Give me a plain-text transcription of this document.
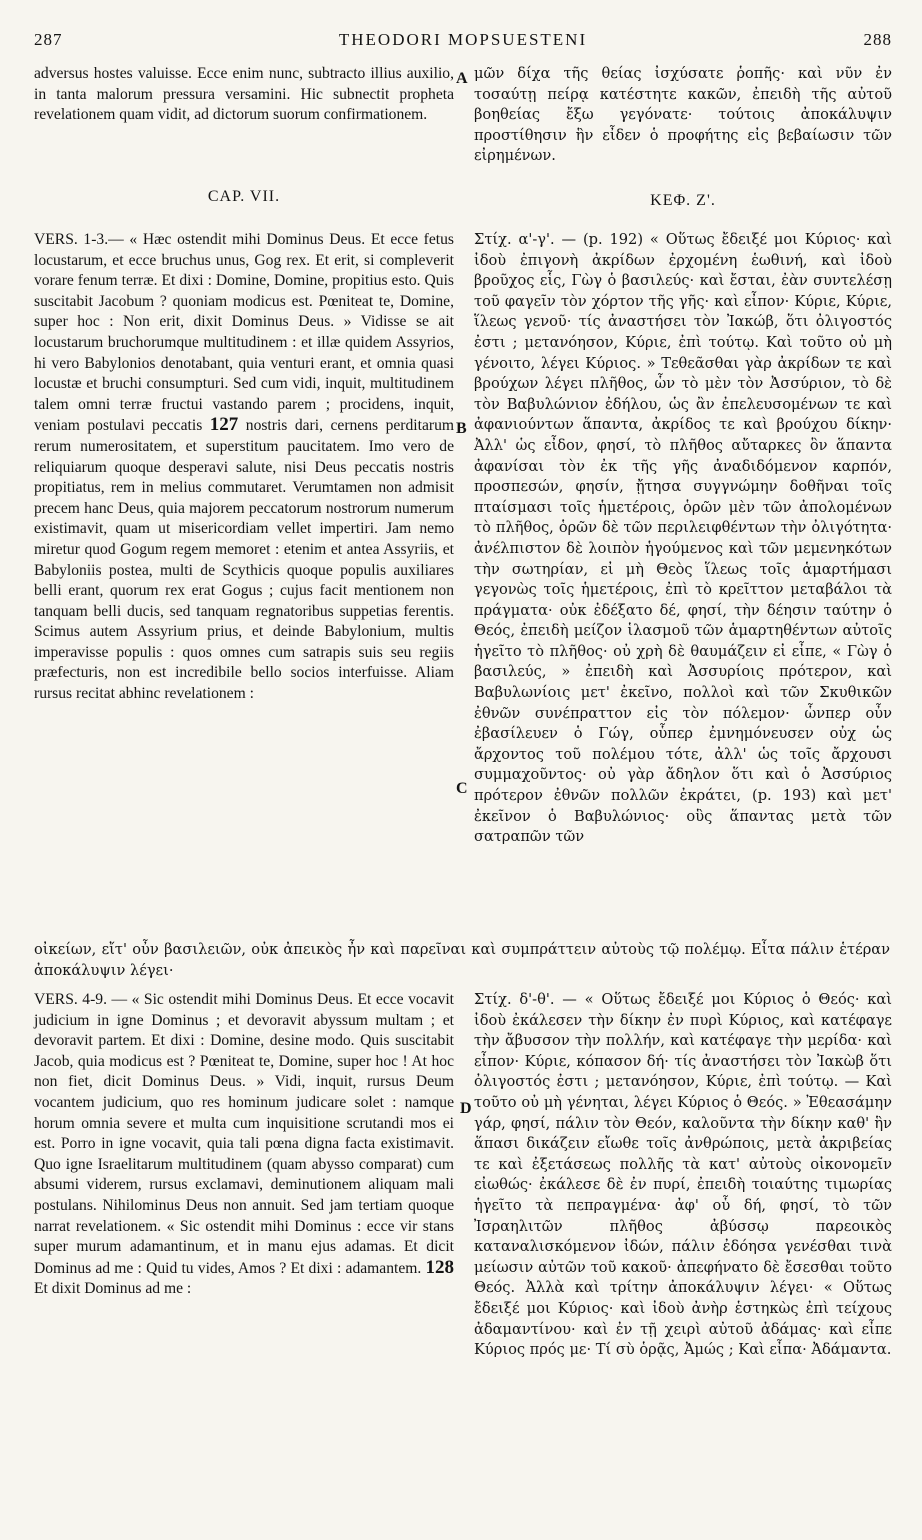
287	THEODORI MOPSUESTENI	288
A
B
C
D

adversus hostes valuisse. Ecce enim nunc, subtracto illius auxilio, in tanta malorum pressura versamini. Hic subnectit propheta revelationem quam vidit, ad dictorum suorum confirmationem.

μῶν δίχα τῆς θείας ἰσχύσατε ῥοπῆς· καὶ νῦν ἐν τοσαύτῃ πείρᾳ κατέστητε κακῶν, ἐπειδὴ τῆς αὐτοῦ βοηθείας ἔξω γεγόνατε· τούτοις ἀποκάλυψιν προστίθησιν ἣν εἶδεν ὁ προφήτης εἰς βεβαίωσιν τῶν εἰρημένων.

CAP. VII.	ΚΕΦ. Ζ'.

VERS. 1-3.— « Hæc ostendit mihi Dominus Deus. Et ecce fetus locustarum, et ecce bruchus unus, Gog rex. Et erit, si compleverit vorare fenum terræ. Et dixi : Domine, Domine, propitius esto. Quis suscitabit Jacobum ? quoniam modicus est. Pœniteat te, Domine, super hoc : Non erit, dixit Dominus Deus. » Vidisse se ait locustarum bruchorumque multitudinem : et illæ quidem Assyrios, hi vero Babylonios denotabant, quia venturi erant, et omnia quasi locustæ et bruchi consumpturi. Sed cum vidi, inquit, multitudinem talem omni terræ fructui vastando parem ; procidens, inquit, veniam postulavi peccatis 127 nostris dari, cernens perditarum rerum numerositatem, et superstitum paucitatem. Imo vero de reliquiarum quoque desperavi salute, nisi Deus peccatis nostris propitiatus, rem in melius commutaret. Verumtamen non admisit precem hanc Deus, quia majorem peccatorum nostrorum numerum existimavit, quam ut misericordiam vellet impertiri. Jam nemo miretur quod Gogum regem memoret : etenim et antea Assyriis, et Babyloniis postea, multi de Scythicis quoque populis auxiliares belli erant, quorum rex erat Gogus ; cujus facit mentionem non tanquam belli ducis, sed tanquam regnatoribus suppetias ferentis. Scimus autem Assyrium prius, et deinde Babylonium, multis imperavisse populis : quos omnes cum satrapis suis seu regiis præfecturis, non est incredibile bello socios interfuisse. Aliam rursus recitat abhinc revelationem :

Στίχ. α'-γ'. — (p. 192) « Οὕτως ἔδειξέ μοι Κύριος· καὶ ἰδοὺ ἐπιγονὴ ἀκρίδων ἐρχομένη ἑωθινή, καὶ ἰδοὺ βροῦχος εἷς, Γὼγ ὁ βασιλεύς· καὶ ἔσται, ἐὰν συντελέσῃ τοῦ φαγεῖν τὸν χόρτον τῆς γῆς· καὶ εἶπον· Κύριε, Κύριε, ἵλεως γενοῦ· τίς ἀναστήσει τὸν Ἰακώβ, ὅτι ὀλιγοστός ἐστι ; μετανόησον, Κύριε, ἐπὶ τούτῳ. Καὶ τοῦτο οὐ μὴ γένοιτο, λέγει Κύριος. » Τεθεᾶσθαι γὰρ ἀκρίδων τε καὶ βρούχων λέγει πλῆθος, ὧν τὸ μὲν τὸν Ἀσσύριον, τὸ δὲ τὸν Βαβυλώνιον ἐδήλου, ὡς ἂν ἐπελευσομένων τε καὶ ἀφανιούντων ἅπαντα, ἀκρίδος τε καὶ βρούχου δίκην· Ἀλλ' ὡς εἶδον, φησί, τὸ πλῆθος αὔταρκες ὃν ἅπαντα ἀφανίσαι τὸν ἐκ τῆς γῆς ἀναδιδόμενον καρπόν, προσπεσών, φησίν, ᾔτησα συγγνώμην δοθῆναι τοῖς πταίσμασι τοῖς ἡμετέροις, ὁρῶν μὲν τῶν ἀπολομένων τὸ πλῆθος, ὁρῶν δὲ τῶν περιλειφθέντων τὴν ὀλιγότητα· ἀνέλπιστον δὲ λοιπὸν ἡγούμενος καὶ τῶν μεμενηκότων τὴν σωτηρίαν, εἰ μὴ Θεὸς ἵλεως τοῖς ἁμαρτήμασι γεγονὼς τοῖς ἡμετέροις, ἐπὶ τὸ κρεῖττον μεταβάλοι τὰ πράγματα· οὐκ ἐδέξατο δέ, φησί, τὴν δέησιν ταύτην ὁ Θεός, ἐπειδὴ μείζον ἱλασμοῦ τῶν ἁμαρτηθέντων αὐτοῖς ἡγεῖτο τὸ πλῆθος· οὐ χρὴ δὲ θαυμάζειν εἰ εἶπε, « Γὼγ ὁ βασιλεύς, » ἐπειδὴ καὶ Ἀσσυρίοις πρότερον, καὶ Βαβυλωνίοις μετ' ἐκεῖνο, πολλοὶ καὶ τῶν Σκυθικῶν ἐθνῶν συνέπραττον εἰς τὸν πόλεμον· ὧνπερ οὖν ἐβασίλευεν ὁ Γώγ, οὗπερ ἐμνημόνευσεν οὐχ ὡς ἄρχοντος τοῦ πολέμου τότε, ἀλλ' ὡς τοῖς ἄρχουσι συμμαχοῦντος· οὐ γὰρ ἄδηλον ὅτι καὶ ὁ Ἀσσύριος πρότερον ἐθνῶν πολλῶν ἐκράτει, (p. 193) καὶ μετ' ἐκεῖνον ὁ Βαβυλώνιος· οὓς ἅπαντας μετὰ τῶν σατραπῶν τῶν

οἰκείων, εἴτ' οὖν βασιλειῶν, οὐκ ἀπεικὸς ἦν καὶ παρεῖναι καὶ συμπράττειν αὐτοὺς τῷ πολέμῳ. Εἶτα πάλιν ἑτέραν ἀποκάλυψιν λέγει·

VERS. 4-9. — « Sic ostendit mihi Dominus Deus. Et ecce vocavit judicium in igne Dominus ; et devoravit abyssum multam ; et devoravit partem. Et dixi : Domine, desine modo. Quis suscitabit Jacob, quia modicus est ? Pœniteat te, Domine, super hoc ! At hoc non fiet, dicit Dominus Deus. » Vidi, inquit, rursus Deum vocantem judicium, quo res hominum judicare solet : namque horum omnia severe et multa cum inquisitione scrutandi mos ei est. Porro in igne vocavit, quia tali pœna digna facta existimavit. Quo igne Israelitarum multitudinem (quam abysso comparat) cum absumi viderem, rursus exclamavi, deminutionem aliquam mali postulans. Nihilominus Deus non annuit. Sed jam tertiam quoque narrat revelationem. « Sic ostendit mihi Dominus : ecce vir stans super murum adamantinum, et in manu ejus adamas. Et dicit Dominus ad me : Quid tu vides, Amos ? Et dixi : adamantem. 128 Et dixit Dominus ad me :

Στίχ. δ'-θ'. — « Οὕτως ἔδειξέ μοι Κύριος ὁ Θεός· καὶ ἰδοὺ ἐκάλεσεν τὴν δίκην ἐν πυρὶ Κύριος, καὶ κατέφαγε τὴν ἄβυσσον τὴν πολλήν, καὶ κατέφαγε τὴν μερίδα· καὶ εἶπον· Κύριε, κόπασον δή· τίς ἀναστήσει τὸν Ἰακὼβ ὅτι ὀλιγοστός ἐστι ; μετανόησον, Κύριε, ἐπὶ τούτῳ. — Καὶ τοῦτο οὐ μὴ γένηται, λέγει Κύριος ὁ Θεός. » Ἐθεασάμην γάρ, φησί, πάλιν τὸν Θεόν, καλοῦντα τὴν δίκην καθ' ἣν ἅπασι δικάζειν εἴωθε τοῖς ἀνθρώποις, μετὰ ἀκριβείας τε καὶ ἐξετάσεως πολλῆς τὰ κατ' αὐτοὺς οἰκονομεῖν εἰωθώς· ἐκάλεσε δὲ ἐν πυρί, ἐπειδὴ τοιαύτης τιμωρίας ἡγεῖτο τὰ πεπραγμένα· ἀφ' οὗ δή, φησί, τὸ τῶν Ἰσραηλιτῶν πλῆθος ἀβύσσῳ παρεοικὸς καταναλισκόμενον ἰδών, πάλιν ἐδόησα γενέσθαι τινὰ μείωσιν αὐτῶν τοῦ κακοῦ· ἀπεφήνατο δὲ ἔσεσθαι τοῦτο Θεός. Ἀλλὰ καὶ τρίτην ἀποκάλυψιν λέγει· « Οὕτως ἔδειξέ μοι Κύριος· καὶ ἰδοὺ ἀνὴρ ἑστηκὼς ἐπὶ τείχους ἀδαμαντίνου· καὶ ἐν τῇ χειρὶ αὐτοῦ ἀδάμας· καὶ εἶπε Κύριος πρός με· Τί σὺ ὁρᾷς, Ἀμώς ; Καὶ εἶπα· Ἀδάμαντα.
